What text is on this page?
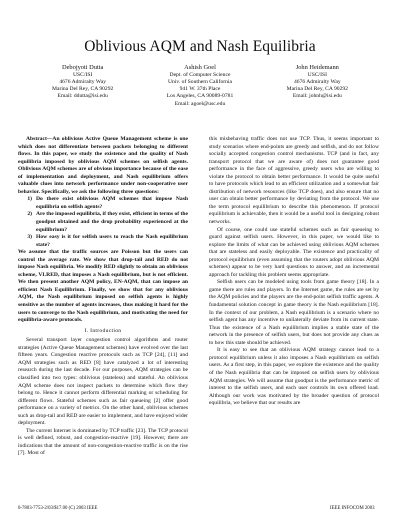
Oblivious AQM and Nash Equilibria
Debojyoti Dutta
USC/ISI
4676 Admiralty Way
Marina Del Rey, CA 90292
Email: ddutta@isi.edu
Ashish Goel
Dept. of Computer Science
Univ. of Southern California
941 W. 37th Place
Los Angeles, CA 90089-0781
Email: agoel@usc.edu
John Heidemann
USC/ISI
4676 Admiralty Way
Marina Del Rey, CA 90292
Email: johnh@isi.edu

Abstract—An oblivious Active Queue Management scheme is one which does not differentiate between packets belonging to different flows. In this paper, we study the existence and the quality of Nash equilibria imposed by oblivious AQM schemes on selfish agents. Oblivious AQM schemes are of obvious importance because of the ease of implementation and deployment, and Nash equilibrium offers valuable clues into network performance under non-cooperative user behavior. Specifically, we ask the following three questions:

1) Do there exist oblivious AQM schemes that impose Nash equilibria on selfish agents?
2) Are the imposed equilibria, if they exist, efficient in terms of the goodput obtained and the drop probability experienced at the equilibrium?
3) How easy is it for selfish users to reach the Nash equilibrium state?

We assume that the traffic sources are Poisson but the users can control the average rate. We show that drop-tail and RED do not impose Nash equilibria. We modify RED slightly to obtain an oblivious scheme, VLRED, that imposes a Nash equilibrium, but is not efficient. We then present another AQM policy, EN-AQM, that can impose an efficient Nash Equilibrium. Finally, we show that for any oblivious AQM, the Nash equilibrium imposed on selfish agents is highly sensitive as the number of agents increases, thus making it hard for the users to converge to the Nash equilibrium, and motivating the need for equilibria-aware protocols.

I. Introduction

Several transport layer congestion control algorithms and router strategies (Active Queue Management schemes) have evolved over the last fifteen years. Congestion reactive protocols such as TCP [24], [11] and AQM strategies such as RED [8] have catalyzed a lot of interesting research during the last decade. For our purposes, AQM strategies can be classified into two types: oblivious (stateless) and stateful. An oblivious AQM scheme does not inspect packets to determine which flow they belong to. Hence it cannot perform differential marking or scheduling for different flows. Stateful schemes such as fair queueing [2] offer good performance on a variety of metrics. On the other hand, oblivious schemes such as drop-tail and RED are easier to implement, and have enjoyed wider deployment.

The current Internet is dominated by TCP traffic [23]. The TCP protocol is well defined, robust, and congestion-reactive [19]. However, there are indications that the amount of non-congestion-reactive traffic is on the rise [7]. Most of

this misbehaving traffic does not use TCP. Thus, it seems important to study scenarios where end-points are greedy and selfish, and do not follow socially accepted congestion control mechanisms. TCP (and in fact, any transport protocol that we are aware of) does not guarantee good performance in the face of aggressive, greedy users who are willing to violate the protocol to obtain better performance. It would be quite useful to have protocols which lead to an efficient utilization and a somewhat fair distribution of network resources (like TCP does), and also ensure that no user can obtain better performance by deviating from the protocol. We use the term protocol equilibrium to describe this phenomenon. If protocol equilibrium is achievable, then it would be a useful tool in designing robust networks.

Of course, one could use stateful schemes such as fair queueing to guard against selfish users. However, in this paper, we would like to explore the limits of what can be achieved using oblivious AQM schemes that are stateless and easily deployable. The existence and practicality of protocol equilibrium (even assuming that the routers adopt oblivious AQM schemes) appear to be very hard questions to answer, and an incremental approach for tackling this problem seems appropriate.

Selfish users can be modeled using tools from game theory [18]. In a game there are rules and players. In the Internet game, the rules are set by the AQM policies and the players are the end-point selfish traffic agents. A fundamental solution concept in game theory is the Nash equilibrium [18]. In the context of our problem, a Nash equilibrium is a scenario where no selfish agent has any incentive to unilaterally deviate from its current state. Thus the existence of a Nash equilibrium implies a stable state of the network in the presence of selfish users, but does not provide any clues as to how this state should be achieved.

It is easy to see that an oblivious AQM strategy cannot lead to a protocol equilibrium unless it also imposes a Nash equilibrium on selfish users. As a first step, in this paper, we explore the existence and the quality of the Nash equilibria that can be imposed on selfish users by oblivious AQM strategies. We will assume that goodput is the performance metric of interest to the selfish users, and each user controls its own offered load. Although our work was motivated by the broader question of protocol equilibria, we believe that our results are

0-7803-7753-2/03/$17.00 (C) 2003 IEEE	IEEE INFOCOM 2003
